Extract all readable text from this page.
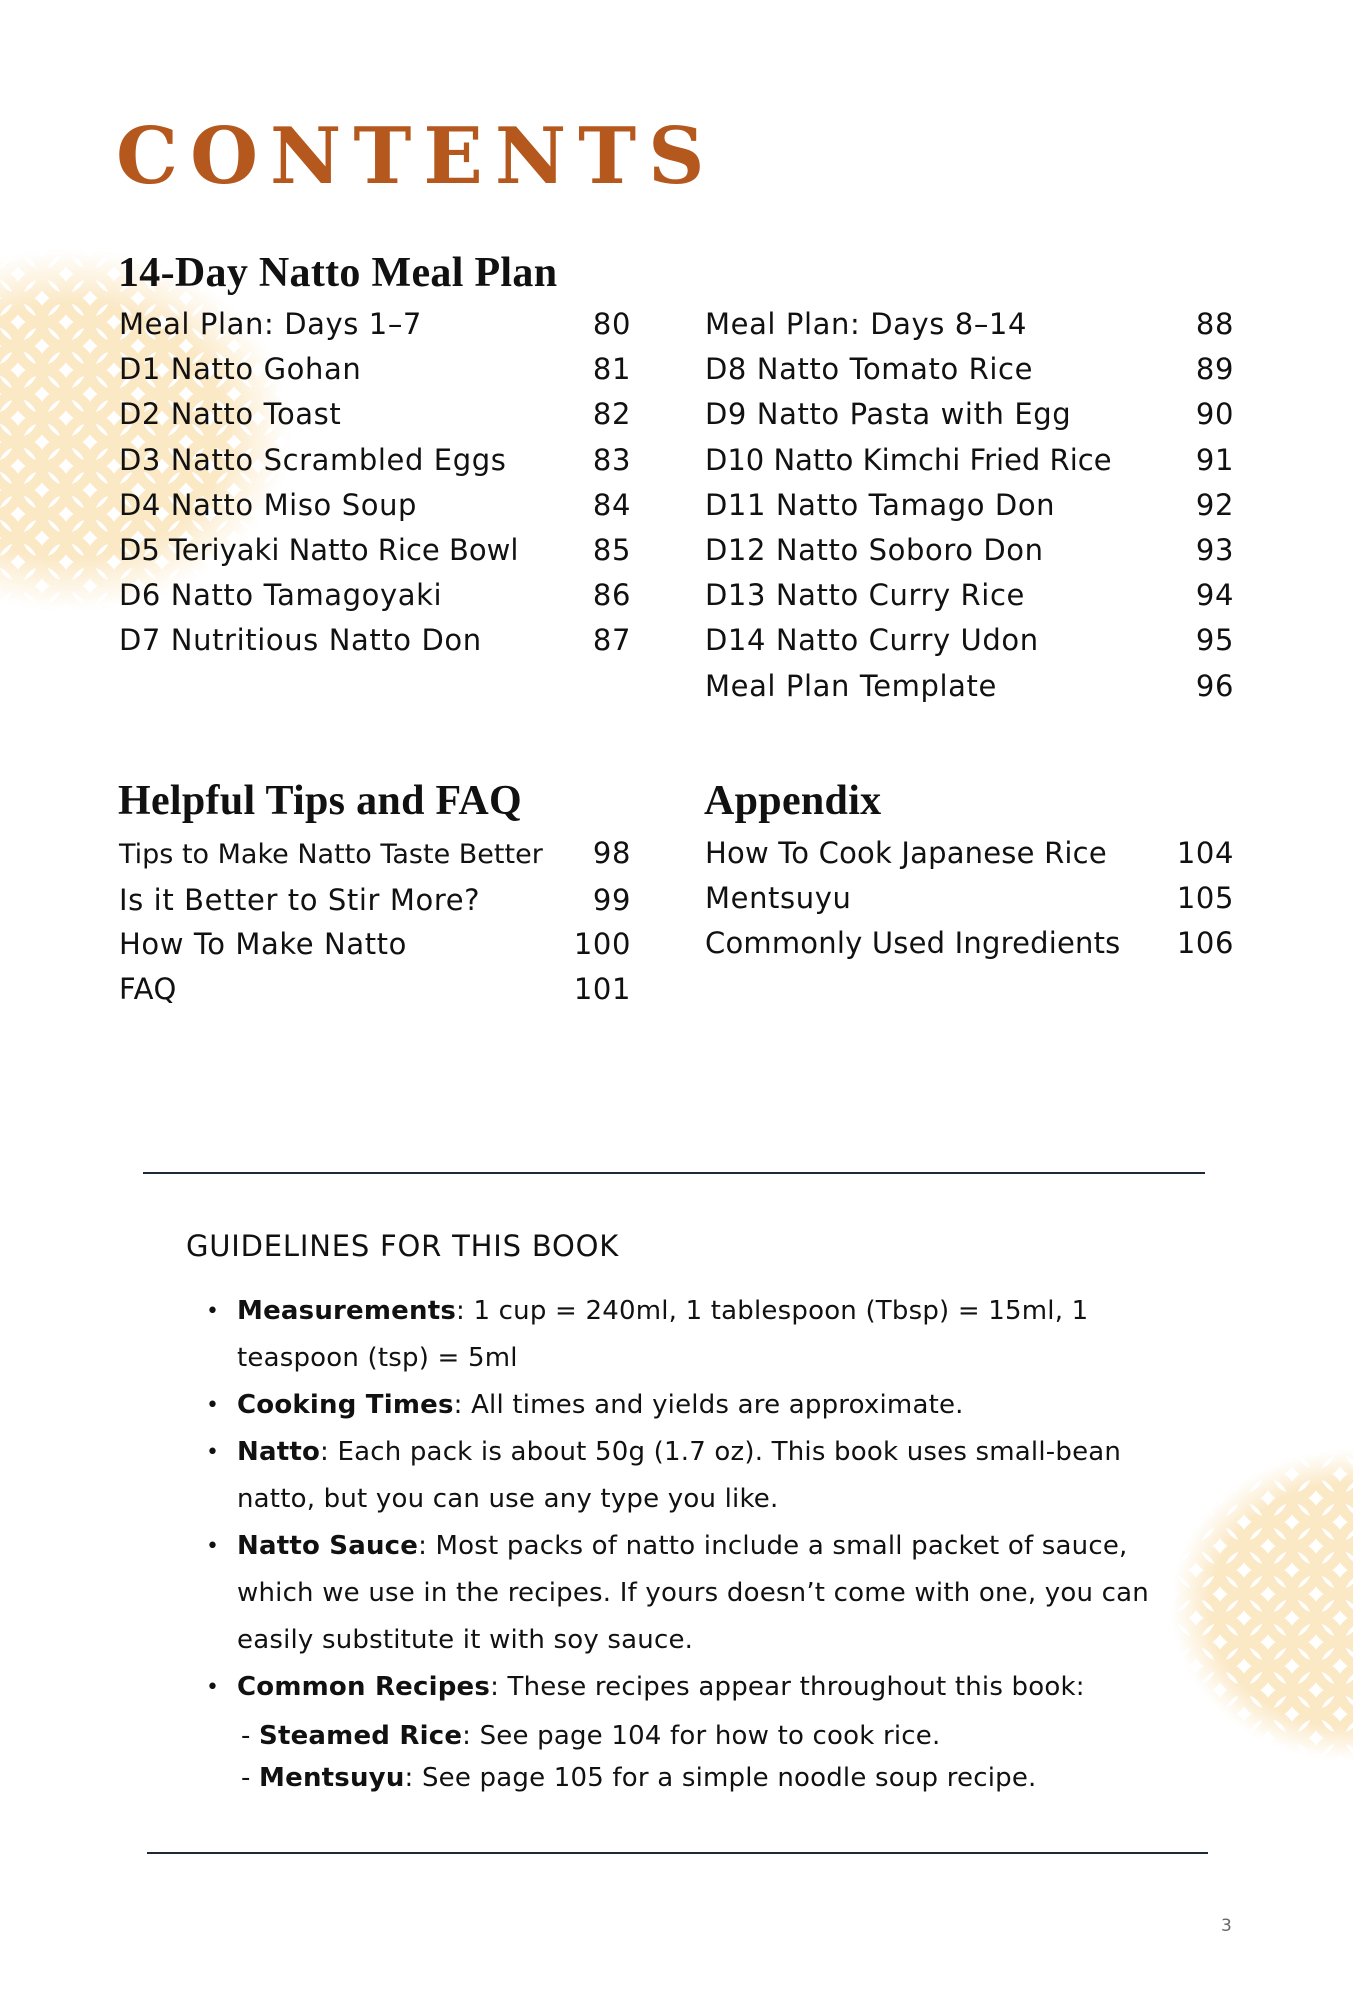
CONTENTS
14-Day Natto Meal Plan
Meal Plan: Days 1–7	80
D1 Natto Gohan	81
D2 Natto Toast	82
D3 Natto Scrambled Eggs	83
D4 Natto Miso Soup	84
D5 Teriyaki Natto Rice Bowl	85
D6 Natto Tamagoyaki	86
D7 Nutritious Natto Don	87
Meal Plan: Days 8–14	88
D8 Natto Tomato Rice	89
D9 Natto Pasta with Egg	90
D10 Natto Kimchi Fried Rice	91
D11 Natto Tamago Don	92
D12 Natto Soboro Don	93
D13 Natto Curry Rice	94
D14 Natto Curry Udon	95
Meal Plan Template	96
Helpful Tips and FAQ
Tips to Make Natto Taste Better 98
Is it Better to Stir More?	99
How To Make Natto	100
FAQ	101
Appendix
How To Cook Japanese Rice 104
Mentsuyu	105
Commonly Used Ingredients 106
GUIDELINES FOR THIS BOOK
• Measurements: 1 cup = 240ml, 1 tablespoon (Tbsp) = 15ml, 1 teaspoon (tsp) = 5ml
• Cooking Times: All times and yields are approximate.
• Natto: Each pack is about 50g (1.7 oz). This book uses small-bean natto, but you can use any type you like.
• Natto Sauce: Most packs of natto include a small packet of sauce, which we use in the recipes. If yours doesn’t come with one, you can easily substitute it with soy sauce.
• Common Recipes: These recipes appear throughout this book:
- Steamed Rice: See page 104 for how to cook rice.
- Mentsuyu: See page 105 for a simple noodle soup recipe.
3
